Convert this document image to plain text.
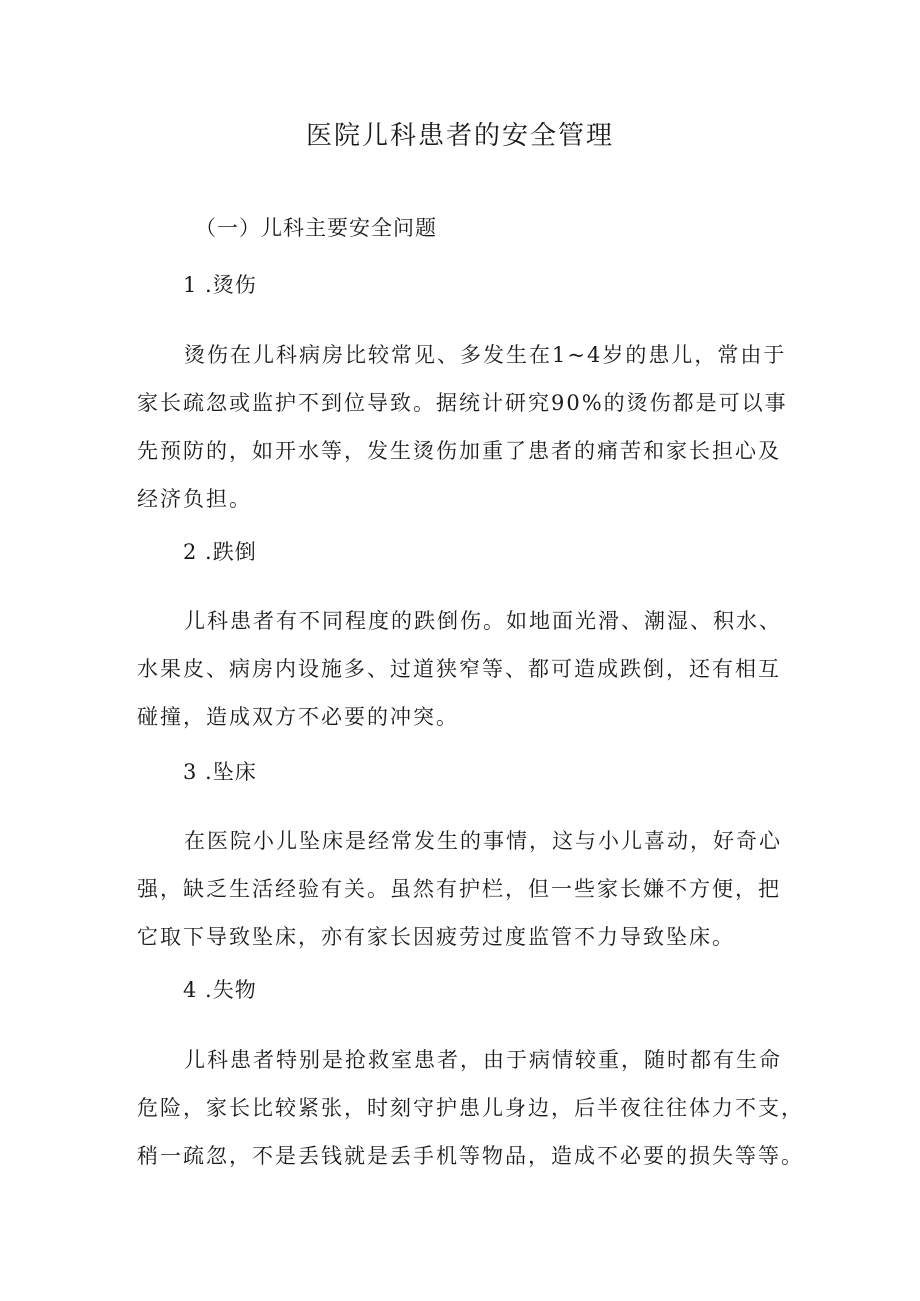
医院儿科患者的安全管理
（一）儿科主要安全问题
1 .烫伤
烫伤在儿科病房比较常见、多发生在1~4岁的患儿，常由于
家长疏忽或监护不到位导致。据统计研究90%的烫伤都是可以事
先预防的，如开水等，发生烫伤加重了患者的痛苦和家长担心及
经济负担。
2 .跌倒
儿科患者有不同程度的跌倒伤。如地面光滑、潮湿、积水、
水果皮、病房内设施多、过道狭窄等、都可造成跌倒，还有相互
碰撞，造成双方不必要的冲突。
3 .坠床
在医院小儿坠床是经常发生的事情，这与小儿喜动，好奇心
强，缺乏生活经验有关。虽然有护栏，但一些家长嫌不方便，把
它取下导致坠床，亦有家长因疲劳过度监管不力导致坠床。
4 .失物
儿科患者特别是抢救室患者，由于病情较重，随时都有生命
危险，家长比较紧张，时刻守护患儿身边，后半夜往往体力不支，
稍一疏忽，不是丢钱就是丢手机等物品，造成不必要的损失等等。
